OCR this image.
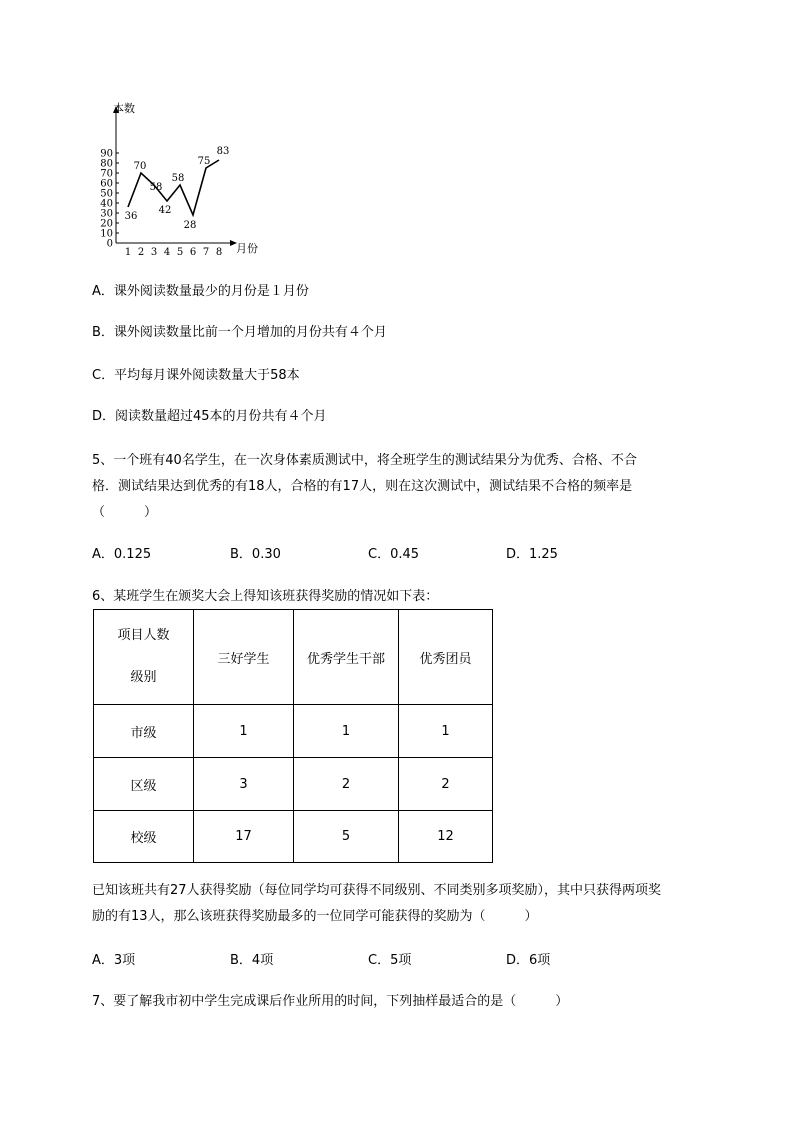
0
10
20
30
40
50
60
70
80
90
1 2 3 4 5 6 7 8
36
70
58
42
58
28
75
83
本数
月份
A．课外阅读数量最少的月份是１月份
B．课外阅读数量比前一个月增加的月份共有４个月
C．平均每月课外阅读数量大于58本
D．阅读数量超过45本的月份共有４个月
5、一个班有40名学生，在一次身体素质测试中，将全班学生的测试结果分为优秀、合格、不合
格．测试结果达到优秀的有18人，合格的有17人，则在这次测试中，测试结果不合格的频率是
（　　　）
A．0.125	B．0.30	C．0.45	D．1.25
6、某班学生在颁奖大会上得知该班获得奖励的情况如下表：
项目人数
级别	三好学生	优秀学生干部	优秀团员
市级	1	1	1
区级	3	2	2
校级	17	5	12
已知该班共有27人获得奖励（每位同学均可获得不同级别、不同类别多项奖励），其中只获得两项奖
励的有13人，那么该班获得奖励最多的一位同学可能获得的奖励为（　　　）
A．3项	B．4项	C．5项	D．6项
7、要了解我市初中学生完成课后作业所用的时间，下列抽样最适合的是（　　　）
